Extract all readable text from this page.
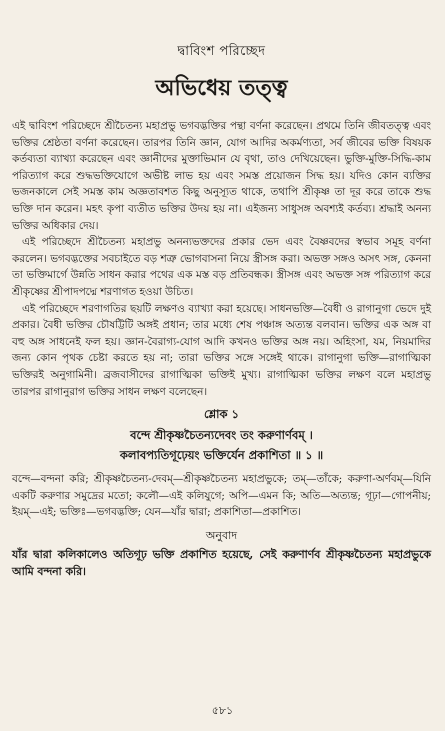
দ্বাবিংশ পরিচ্ছেদ
অভিধেয় তত্ত্ব

এই দ্বাবিংশ পরিচ্ছেদে শ্রীচৈতন্য মহাপ্রভু ভগবদ্ভক্তির পন্থা বর্ণনা করেছেন। প্রথমে তিনি জীবতত্ত্ব এবং ভক্তির শ্রেষ্ঠতা বর্ণনা করেছেন। তারপর তিনি জ্ঞান, যোগ আদির অকর্মণ্যতা, সর্ব জীবের ভক্তি বিষয়ক কর্তব্যতা ব্যাখ্যা করেছেন এবং জ্ঞানীদের মুক্তাভিমান যে বৃথা, তাও দেখিয়েছেন। ভুক্তি-মুক্তি-সিদ্ধি-কাম পরিত্যাগ করে শুদ্ধভক্তিযোগে অভীষ্ট লাভ হয় এবং সমস্ত প্রয়োজন সিদ্ধ হয়। যদিও কোন ব্যক্তির ভজনকালে সেই সমস্ত কাম অজ্ঞতাবশত কিছু অনুস্যূত থাকে, তথাপি শ্রীকৃষ্ণ তা দূর করে তাকে শুদ্ধ ভক্তি দান করেন। মহৎ কৃপা ব্যতীত ভক্তির উদয় হয় না। এইজন্য সাধুসঙ্গ অবশ্যই কর্তব্য। শ্রদ্ধাই অনন্য ভক্তির অধিকার দেয়।

এই পরিচ্ছেদে শ্রীচৈতন্য মহাপ্রভু অনন্যভক্তদের প্রকার ভেদ এবং বৈষ্ণবদের স্বভাব সমূহ বর্ণনা করলেন। ভগবদ্ভক্তের সবচাইতে বড় শত্রু ভোগবাসনা নিয়ে স্ত্রীসঙ্গ করা। অভক্ত সঙ্গও অসৎ সঙ্গ, কেননা তা ভক্তিমার্গে উন্নতি সাধন করার পথের এক মস্ত বড় প্রতিবন্ধক। স্ত্রীসঙ্গ এবং অভক্ত সঙ্গ পরিত্যাগ করে শ্রীকৃষ্ণের শ্রীপাদপদ্মে শরণাগত হওয়া উচিত।

এই পরিচ্ছেদে শরণাগতির ছয়টি লক্ষণও ব্যাখ্যা করা হয়েছে। সাধনভক্তি—বৈধী ও রাগানুগা ভেদে দুই প্রকার। বৈধী ভক্তির চৌষট্টিটি অঙ্গই প্রধান; তার মধ্যে শেষ পঞ্চাঙ্গ অত্যন্ত বলবান। ভক্তির এক অঙ্গ বা বহু অঙ্গ সাধনেই ফল হয়। জ্ঞান-বৈরাগ্য-যোগ আদি কখনও ভক্তির অঙ্গ নয়। অহিংসা, যম, নিয়মাদির জন্য কোন পৃথক চেষ্টা করতে হয় না; তারা ভক্তির সঙ্গে সঙ্গেই থাকে। রাগানুগা ভক্তি—রাগাত্মিকা ভক্তিরই অনুগামিনী। ব্রজবাসীদের রাগাত্মিকা ভক্তিই মুখ্য। রাগাত্মিকা ভক্তির লক্ষণ বলে মহাপ্রভু তারপর রাগানুরাগ ভক্তির সাধন লক্ষণ বলেছেন।

শ্লোক ১
বন্দে শ্রীকৃষ্ণচৈতন্যদেবং তং করুণার্ণবম্ ।
কলাবপ্যতিগূঢ়েয়ং ভক্তির্যেন প্রকাশিতা ॥ ১ ॥

বন্দে—বন্দনা করি; শ্রীকৃষ্ণচৈতন্য-দেবম্—শ্রীকৃষ্ণচৈতন্য মহাপ্রভুকে; তম্—তাঁকে; করুণা-অর্ণবম্—যিনি একটি করুণার সমুদ্রের মতো; কলৌ—এই কলিযুগে; অপি—এমন কি; অতি—অত্যন্ত; গূঢ়া—গোপনীয়; ইয়ম্—এই; ভক্তিঃ—ভগবদ্ভক্তি; যেন—যাঁর দ্বারা; প্রকাশিতা—প্রকাশিত।

অনুবাদ

যাঁর দ্বারা কলিকালেও অতিগূঢ় ভক্তি প্রকাশিত হয়েছে, সেই করুণার্ণব শ্রীকৃষ্ণচৈতন্য মহাপ্রভুকে আমি বন্দনা করি।

৫৮১
